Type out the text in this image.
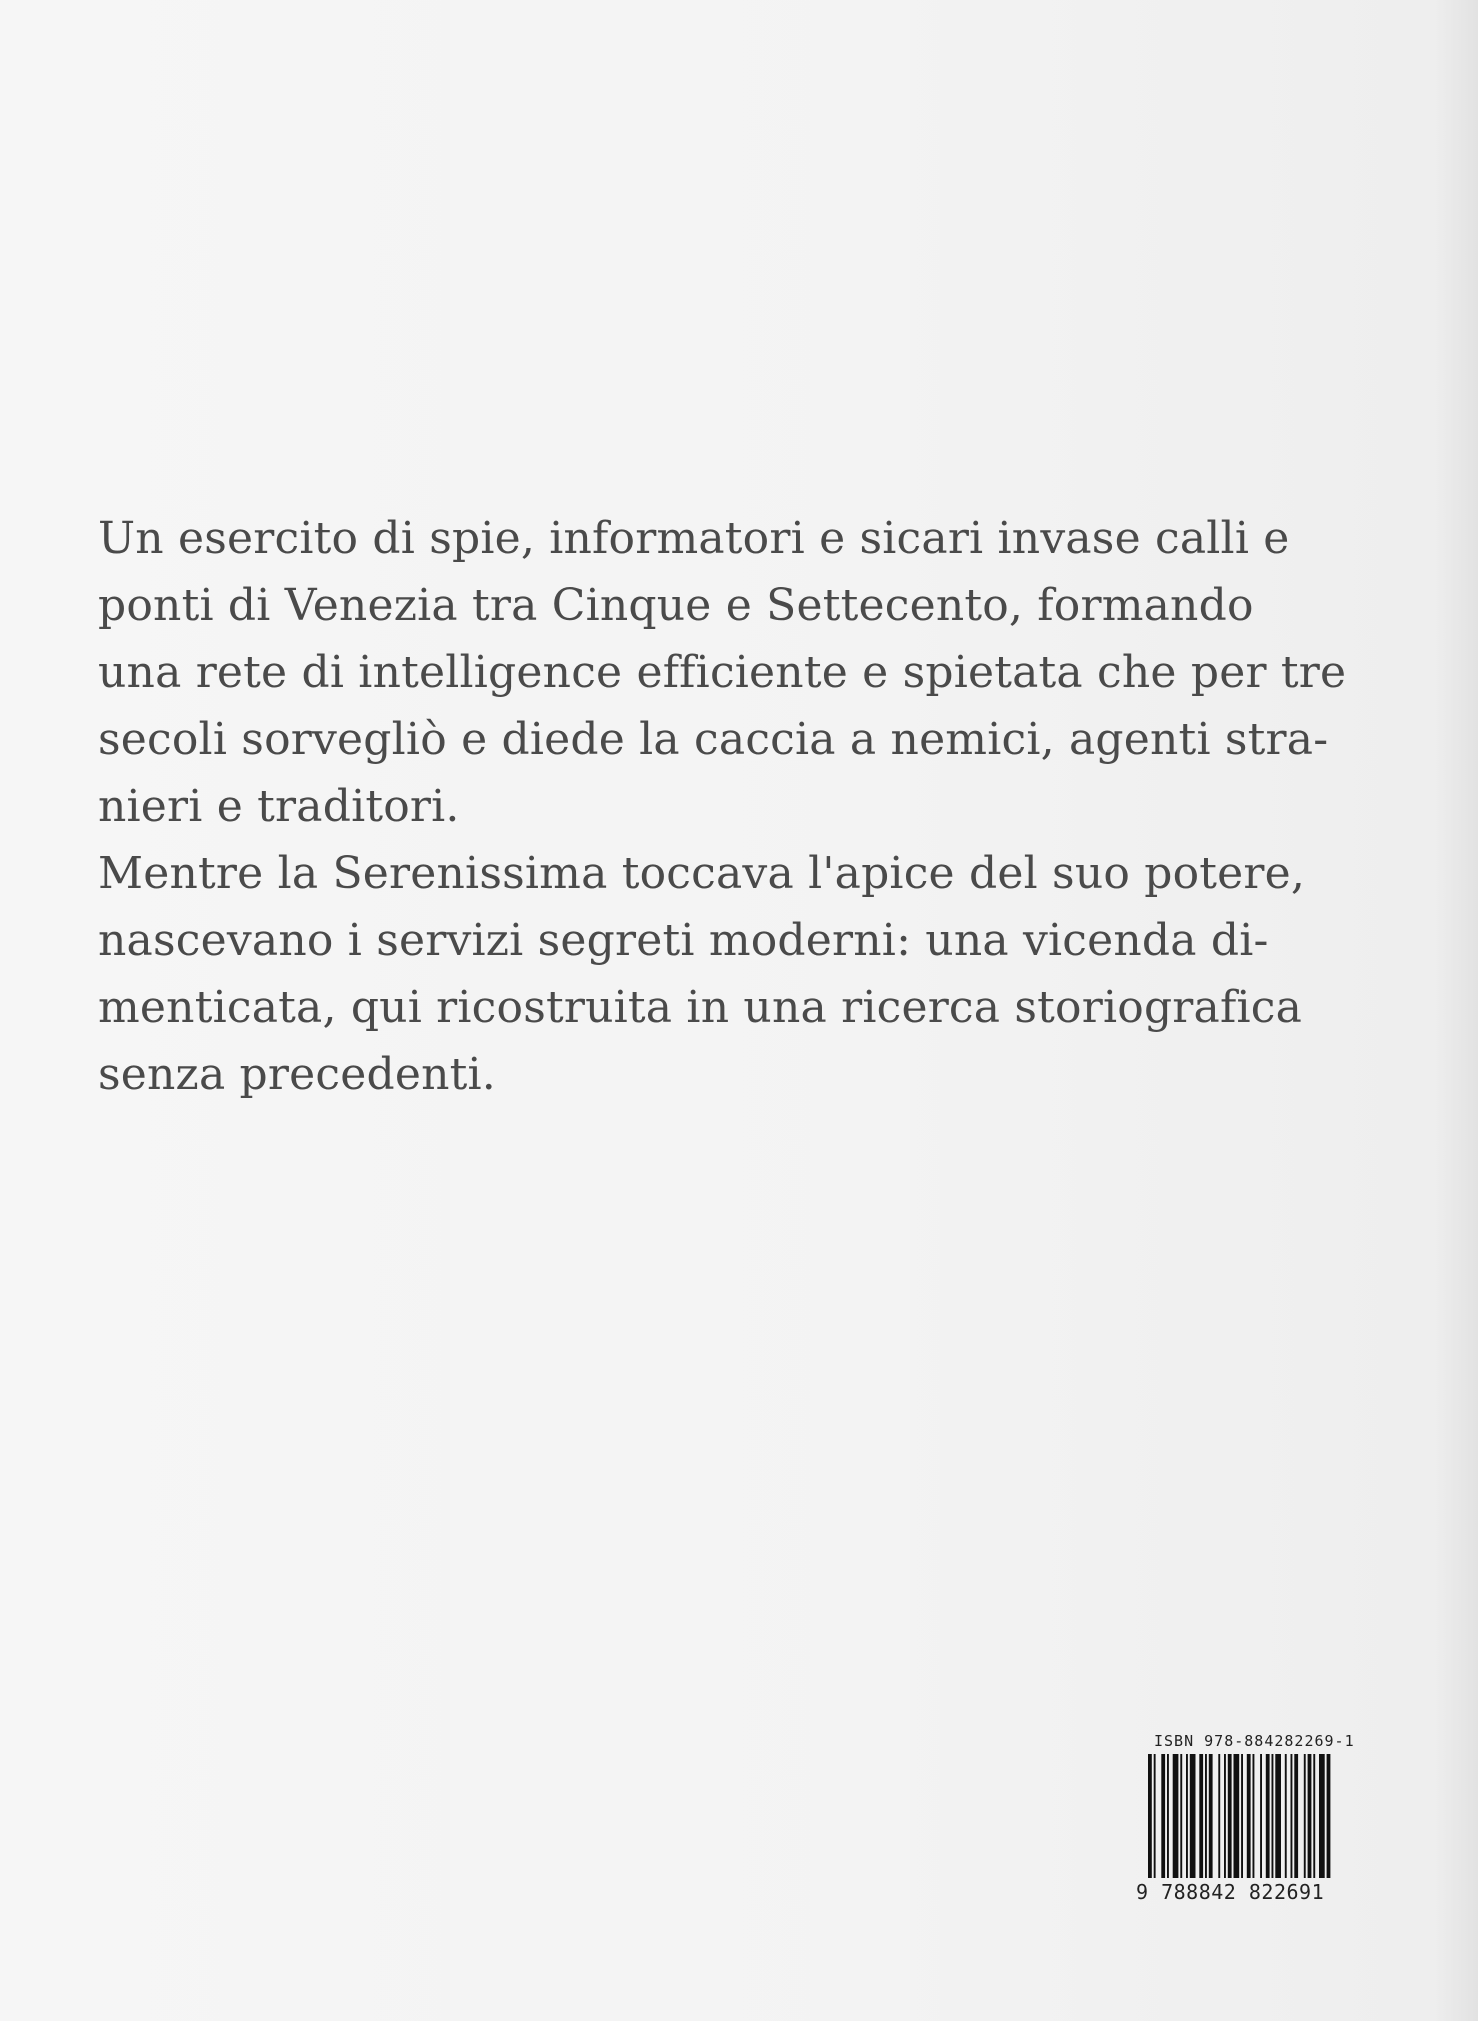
Un esercito di spie, informatori e sicari invase calli e
ponti di Venezia tra Cinque e Settecento, formando
una rete di intelligence efficiente e spietata che per tre
secoli sorvegliò e diede la caccia a nemici, agenti stra-
nieri e traditori.

Mentre la Serenissima toccava l'apice del suo potere,
nascevano i servizi segreti moderni: una vicenda di-
menticata, qui ricostruita in una ricerca storiografica
senza precedenti.

ISBN 978-884282269-1
9 788842 822691
